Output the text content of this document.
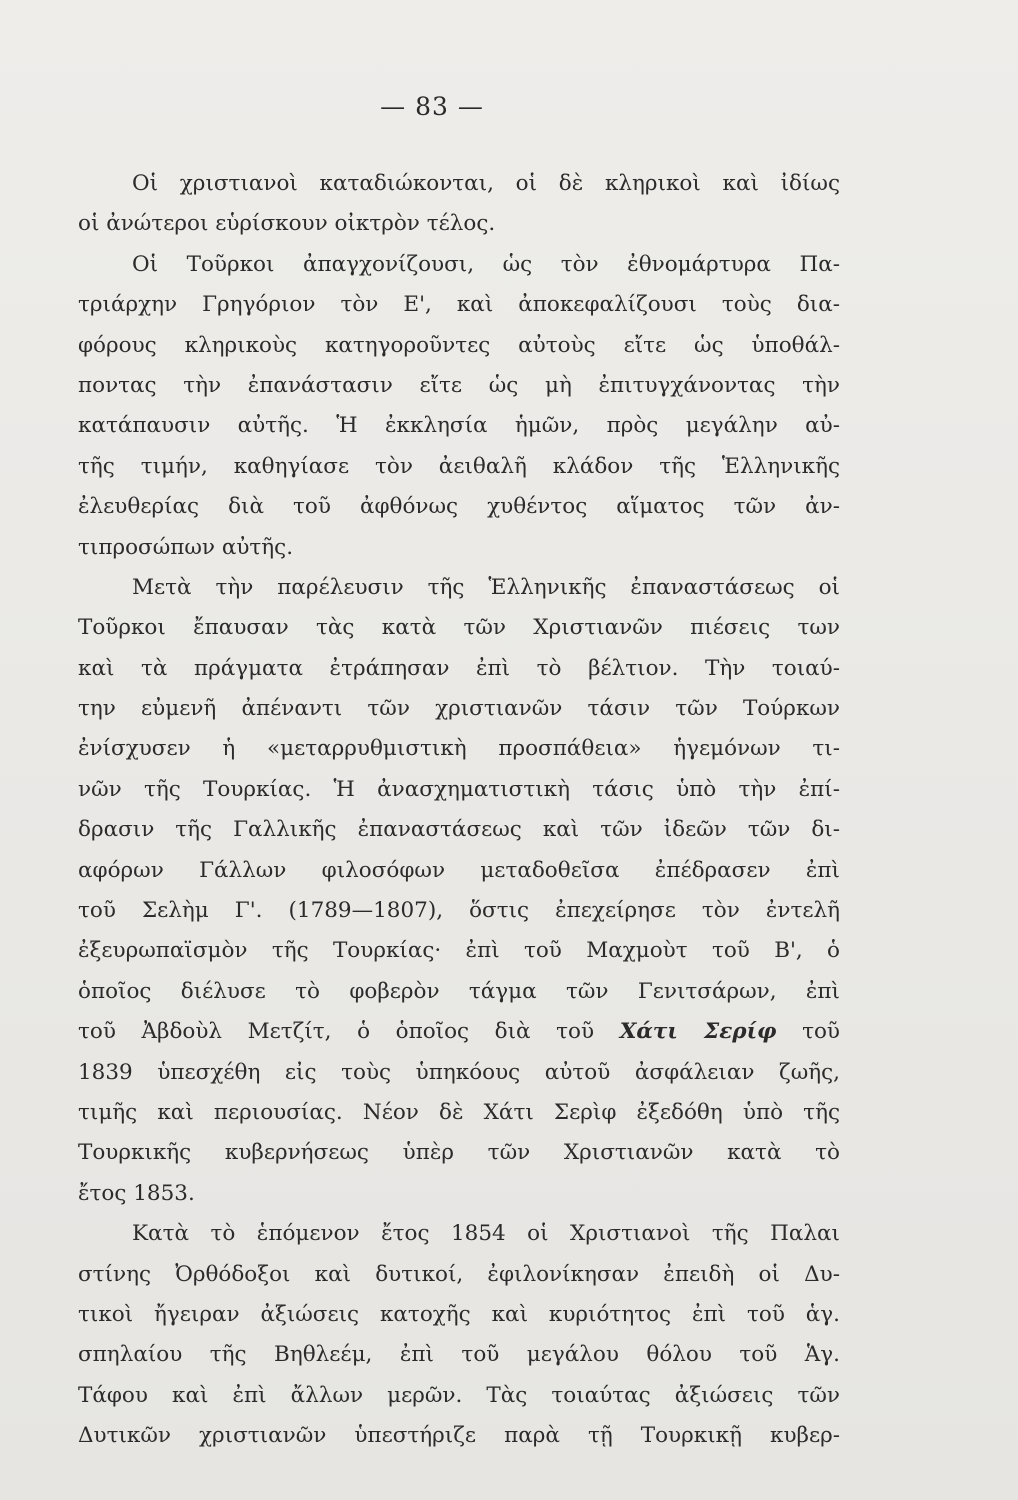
— 83 —
Οἱ χριστιανοὶ καταδιώκονται, οἱ δὲ κληρικοὶ καὶ ἰδίως
οἱ ἀνώτεροι εὑρίσκουν οἰκτρὸν τέλος.
Οἱ Τοῦρκοι ἀπαγχονίζουσι, ὡς τὸν ἐθνομάρτυρα Πα-
τριάρχην Γρηγόριον τὸν Ε', καὶ ἀποκεφαλίζουσι τοὺς δια-
φόρους κληρικοὺς κατηγοροῦντες αὐτοὺς εἴτε ὡς ὑποθάλ-
ποντας τὴν ἐπανάστασιν εἴτε ὡς μὴ ἐπιτυγχάνοντας τὴν
κατάπαυσιν αὐτῆς. Ἡ ἐκκλησία ἡμῶν, πρὸς μεγάλην αὐ-
τῆς τιμήν, καθηγίασε τὸν ἀειθαλῆ κλάδον τῆς Ἑλληνικῆς
ἐλευθερίας διὰ τοῦ ἀφθόνως χυθέντος αἵματος τῶν ἀν-
τιπροσώπων αὐτῆς.
Μετὰ τὴν παρέλευσιν τῆς Ἑλληνικῆς ἐπαναστάσεως οἱ
Τοῦρκοι ἔπαυσαν τὰς κατὰ τῶν Χριστιανῶν πιέσεις των
καὶ τὰ πράγματα ἐτράπησαν ἐπὶ τὸ βέλτιον. Τὴν τοιαύ-
την εὐμενῆ ἀπέναντι τῶν χριστιανῶν τάσιν τῶν Τούρκων
ἐνίσχυσεν ἡ «μεταρρυθμιστικὴ προσπάθεια» ἡγεμόνων τι-
νῶν τῆς Τουρκίας. Ἡ ἀνασχηματιστικὴ τάσις ὑπὸ τὴν ἐπί-
δρασιν τῆς Γαλλικῆς ἐπαναστάσεως καὶ τῶν ἰδεῶν τῶν δι-
αφόρων Γάλλων φιλοσόφων μεταδοθεῖσα ἐπέδρασεν ἐπὶ
τοῦ Σελὴμ Γ'. (1789—1807), ὅστις ἐπεχείρησε τὸν ἐντελῆ
ἐξευρωπαϊσμὸν τῆς Τουρκίας· ἐπὶ τοῦ Μαχμοὺτ τοῦ Β', ὁ
ὁποῖος διέλυσε τὸ φοβερὸν τάγμα τῶν Γενιτσάρων, ἐπὶ
τοῦ Ἀβδοὺλ Μετζίτ, ὁ ὁποῖος διὰ τοῦ Χάτι Σερίφ τοῦ
1839 ὑπεσχέθη εἰς τοὺς ὑπηκόους αὐτοῦ ἀσφάλειαν ζωῆς,
τιμῆς καὶ περιουσίας. Νέον δὲ Χάτι Σερὶφ ἐξεδόθη ὑπὸ τῆς
Τουρκικῆς κυβερνήσεως ὑπὲρ τῶν Χριστιανῶν κατὰ τὸ
ἔτος 1853.
Κατὰ τὸ ἑπόμενον ἔτος 1854 οἱ Χριστιανοὶ τῆς Παλαι
στίνης Ὀρθόδοξοι καὶ δυτικοί, ἐφιλονίκησαν ἐπειδὴ οἱ Δυ-
τικοὶ ἤγειραν ἀξιώσεις κατοχῆς καὶ κυριότητος ἐπὶ τοῦ ἁγ.
σπηλαίου τῆς Βηθλεέμ, ἐπὶ τοῦ μεγάλου θόλου τοῦ Ἁγ.
Τάφου καὶ ἐπὶ ἄλλων μερῶν. Τὰς τοιαύτας ἀξιώσεις τῶν
Δυτικῶν χριστιανῶν ὑπεστήριζε παρὰ τῇ Τουρκικῇ κυβερ-
